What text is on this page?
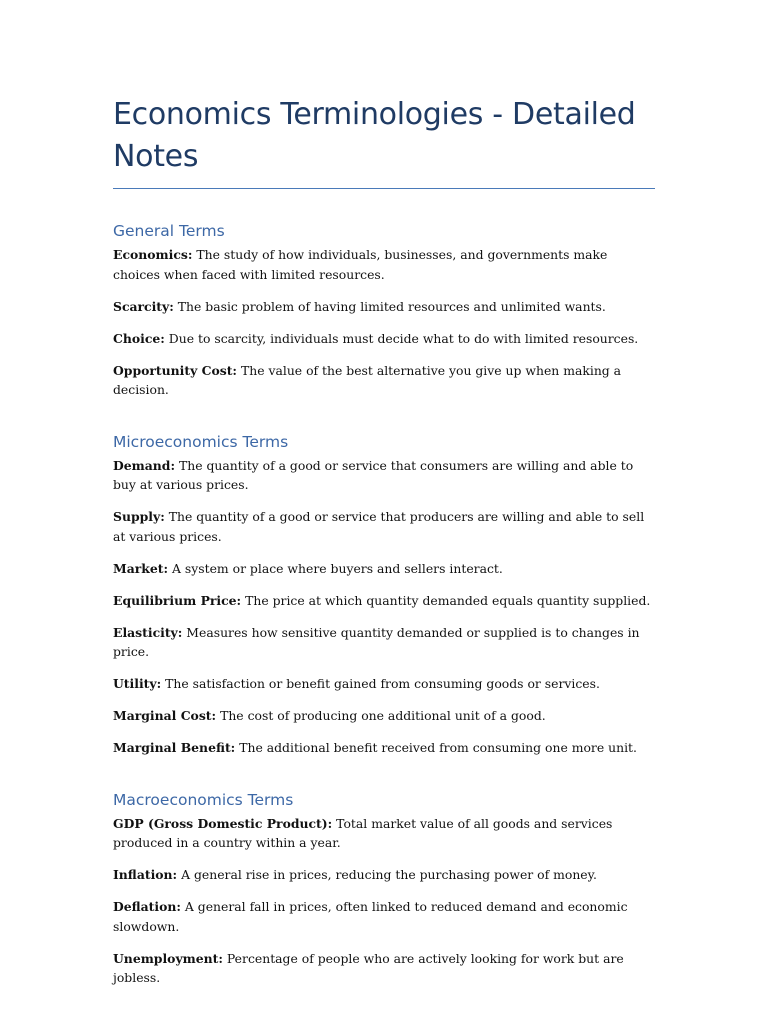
Economics Terminologies - Detailed Notes
General Terms

Economics: The study of how individuals, businesses, and governments make choices when faced with limited resources.

Scarcity: The basic problem of having limited resources and unlimited wants.

Choice: Due to scarcity, individuals must decide what to do with limited resources.

Opportunity Cost: The value of the best alternative you give up when making a decision.

Microeconomics Terms

Demand: The quantity of a good or service that consumers are willing and able to buy at various prices.

Supply: The quantity of a good or service that producers are willing and able to sell at various prices.

Market: A system or place where buyers and sellers interact.

Equilibrium Price: The price at which quantity demanded equals quantity supplied.

Elasticity: Measures how sensitive quantity demanded or supplied is to changes in price.

Utility: The satisfaction or benefit gained from consuming goods or services.

Marginal Cost: The cost of producing one additional unit of a good.

Marginal Benefit: The additional benefit received from consuming one more unit.

Macroeconomics Terms

GDP (Gross Domestic Product): Total market value of all goods and services produced in a country within a year.

Inflation: A general rise in prices, reducing the purchasing power of money.

Deflation: A general fall in prices, often linked to reduced demand and economic slowdown.

Unemployment: Percentage of people who are actively looking for work but are jobless.
